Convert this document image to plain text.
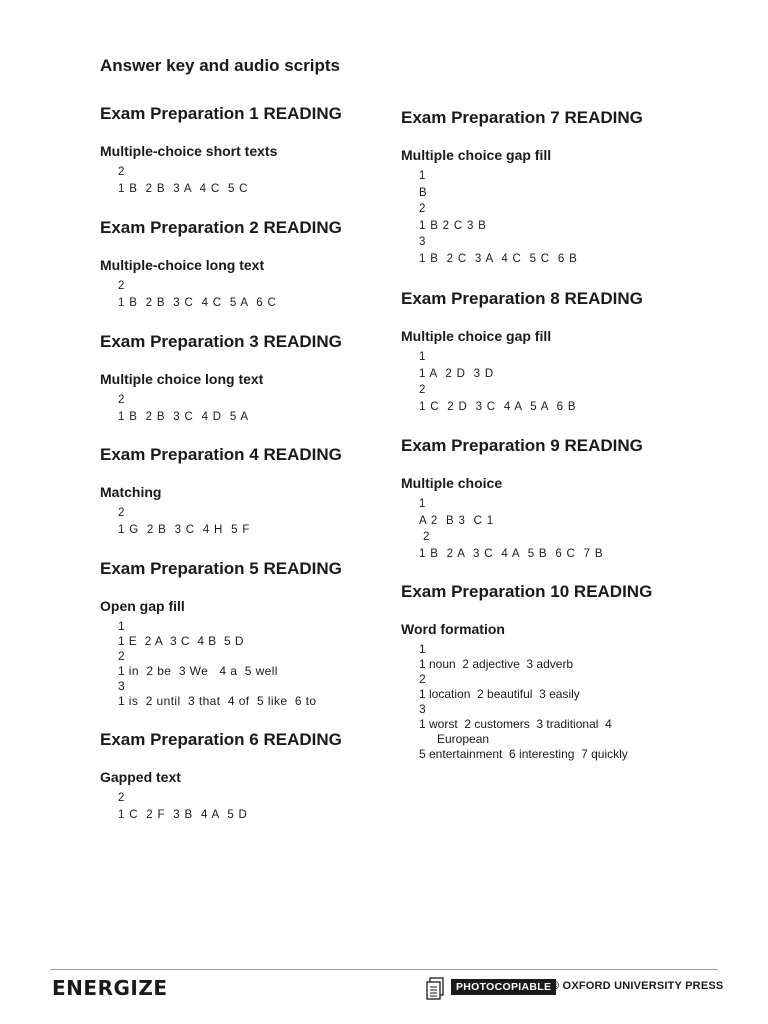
Answer key and audio scripts
Exam Preparation 1 READING
Multiple-choice short texts
2
1 B  2 B  3 A  4 C  5 C
Exam Preparation 2 READING
Multiple-choice long text
2
1 B  2 B  3 C  4 C  5 A  6 C
Exam Preparation 3 READING
Multiple choice long text
2
1 B  2 B  3 C  4 D  5 A
Exam Preparation 4 READING
Matching
2
1 G  2 B  3 C  4 H  5 F
Exam Preparation 5 READING
Open gap fill
1
1 E  2 A  3 C  4 B  5 D
2
1 in  2 be  3 We   4 a  5 well
3
1 is  2 until  3 that  4 of  5 like  6 to
Exam Preparation 6 READING
Gapped text
2
1 C  2 F  3 B  4 A  5 D
Exam Preparation 7 READING
Multiple choice gap fill
1
B
2
1 B 2 C 3 B
3
1 B  2 C  3 A  4 C  5 C  6 B
Exam Preparation 8 READING
Multiple choice gap fill
1
1 A  2 D  3 D
2
1 C  2 D  3 C  4 A  5 A  6 B
Exam Preparation 9 READING
Multiple choice
1
A 2  B 3  C 1
2
1 B  2 A  3 C  4 A  5 B  6 C  7 B
Exam Preparation 10 READING
Word formation
1
1 noun  2 adjective  3 adverb
2
1 location  2 beautiful  3 easily
3
1 worst  2 customers  3 traditional  4
European
5 entertainment  6 interesting  7 quickly
ENERGIZE	PHOTOCOPIABLE © OXFORD UNIVERSITY PRESS
